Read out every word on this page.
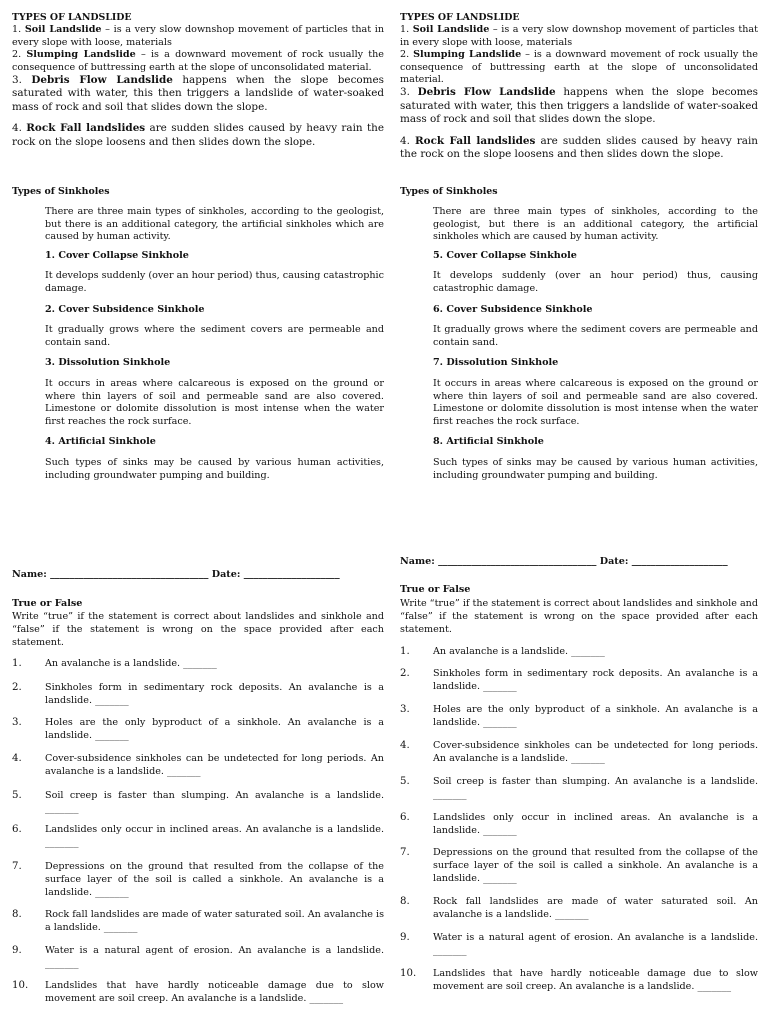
TYPES OF LANDSLIDE

1. Soil Landslide – is a very slow downshop movement of particles that in every slope with loose, materials

2. Slumping Landslide – is a downward movement of rock usually the consequence of buttressing earth at the slope of unconsolidated material.

3. Debris Flow Landslide happens when the slope becomes saturated with water, this then triggers a landslide of water-soaked mass of rock and soil that slides down the slope.

4. Rock Fall landslides are sudden slides caused by heavy rain the rock on the slope loosens and then slides down the slope.

Types of Sinkholes

There are three main types of sinkholes, according to the geologist, but there is an additional category, the artificial sinkholes which are caused by human activity.

1. Cover Collapse Sinkhole

It develops suddenly (over an hour period) thus, causing catastrophic damage.

2. Cover Subsidence Sinkhole

It gradually grows where the sediment covers are permeable and contain sand.

3. Dissolution Sinkhole

It occurs in areas where calcareous is exposed on the ground or where thin layers of soil and permeable sand are also covered. Limestone or dolomite dissolution is most intense when the water first reaches the rock surface.

4. Artificial Sinkhole

Such types of sinks may be caused by various human activities, including groundwater pumping and building.

Name: _________________________________ Date: ____________________
True or False
Write “true” if the statement is correct about landslides and sinkhole and “false” if the statement is wrong on the space provided after each statement.
1.	An avalanche is a landslide. _______
2.	Sinkholes form in sedimentary rock deposits. An avalanche is a landslide. _______
3.	Holes are the only byproduct of a sinkhole. An avalanche is a landslide. _______
4.	Cover-subsidence sinkholes can be undetected for long periods. An avalanche is a landslide. _______
5.	Soil creep is faster than slumping. An avalanche is a landslide. _______
6.	Landslides only occur in inclined areas. An avalanche is a landslide. _______
7.	Depressions on the ground that resulted from the collapse of the surface layer of the soil is called a sinkhole. An avalanche is a landslide. _______
8.	Rock fall landslides are made of water saturated soil. An avalanche is a landslide. _______
9.	Water is a natural agent of erosion. An avalanche is a landslide. _______
10.	Landslides that have hardly noticeable damage due to slow movement are soil creep. An avalanche is a landslide. _______
TYPES OF LANDSLIDE

1. Soil Landslide – is a very slow downshop movement of particles that in every slope with loose, materials

2. Slumping Landslide – is a downward movement of rock usually the consequence of buttressing earth at the slope of unconsolidated material.

3. Debris Flow Landslide happens when the slope becomes saturated with water, this then triggers a landslide of water-soaked mass of rock and soil that slides down the slope.

4. Rock Fall landslides are sudden slides caused by heavy rain the rock on the slope loosens and then slides down the slope.

Types of Sinkholes

There are three main types of sinkholes, according to the geologist, but there is an additional category, the artificial sinkholes which are caused by human activity.

5. Cover Collapse Sinkhole

It develops suddenly (over an hour period) thus, causing catastrophic damage.

6. Cover Subsidence Sinkhole

It gradually grows where the sediment covers are permeable and contain sand.

7. Dissolution Sinkhole

It occurs in areas where calcareous is exposed on the ground or where thin layers of soil and permeable sand are also covered. Limestone or dolomite dissolution is most intense when the water first reaches the rock surface.

8. Artificial Sinkhole

Such types of sinks may be caused by various human activities, including groundwater pumping and building.

Name: _________________________________ Date: ____________________
True or False
Write “true” if the statement is correct about landslides and sinkhole and “false” if the statement is wrong on the space provided after each statement.
1.	An avalanche is a landslide. _______
2.	Sinkholes form in sedimentary rock deposits. An avalanche is a landslide. _______
3.	Holes are the only byproduct of a sinkhole. An avalanche is a landslide. _______
4.	Cover-subsidence sinkholes can be undetected for long periods. An avalanche is a landslide. _______
5.	Soil creep is faster than slumping. An avalanche is a landslide. _______
6.	Landslides only occur in inclined areas. An avalanche is a landslide. _______
7.	Depressions on the ground that resulted from the collapse of the surface layer of the soil is called a sinkhole. An avalanche is a landslide. _______
8.	Rock fall landslides are made of water saturated soil. An avalanche is a landslide. _______
9.	Water is a natural agent of erosion. An avalanche is a landslide. _______
10.	Landslides that have hardly noticeable damage due to slow movement are soil creep. An avalanche is a landslide. _______
